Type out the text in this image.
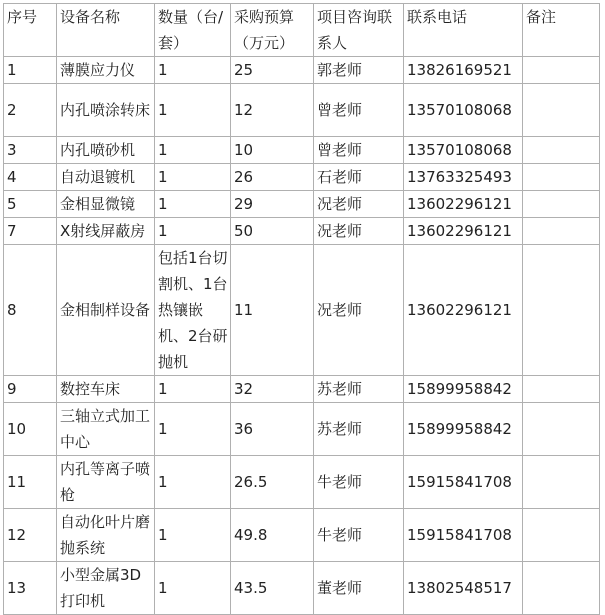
序号	设备名称	数量（台/套）	采购预算（万元）	项目咨询联系人	联系电话	备注
1	薄膜应力仪	1	25	郭老师	13826169521	
2	内孔喷涂转床	1	12	曾老师	13570108068	
3	内孔喷砂机	1	10	曾老师	13570108068	
4	自动退镀机	1	26	石老师	13763325493	
5	金相显微镜	1	29	况老师	13602296121	
7	X射线屏蔽房	1	50	况老师	13602296121	
8	金相制样设备	包括1台切割机、1台热镶嵌机、2台研抛机	11	况老师	13602296121	
9	数控车床	1	32	苏老师	15899958842	
10	三轴立式加工中心	1	36	苏老师	15899958842	
11	内孔等离子喷枪	1	26.5	牛老师	15915841708	
12	自动化叶片磨抛系统	1	49.8	牛老师	15915841708	
13	小型金属3D打印机	1	43.5	董老师	13802548517	
